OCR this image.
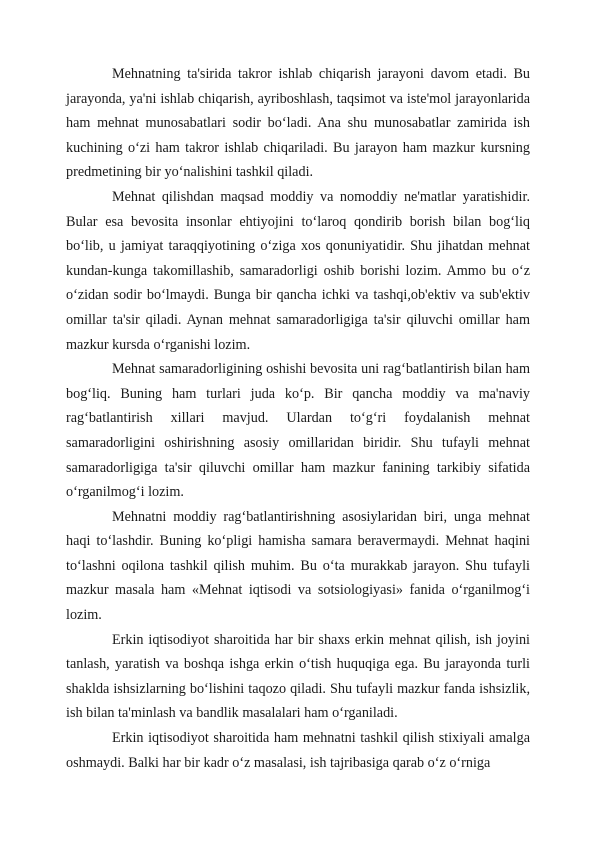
Mehnatning ta'sirida takror ishlab chiqarish jarayoni davom etadi. Bu jarayonda, ya'ni ishlab chiqarish, ayriboshlash, taqsimot va iste'mol jarayonlarida ham mehnat munosabatlari sodir bo‘ladi. Ana shu munosabatlar zamirida ish kuchining o‘zi ham takror ishlab chiqariladi. Bu jarayon ham mazkur kursning predmetining bir yo‘nalishini tashkil qiladi.

Mehnat qilishdan maqsad moddiy va nomoddiy ne'matlar yaratishidir. Bular esa bevosita insonlar ehtiyojini to‘laroq qondirib borish bilan bog‘liq bo‘lib, u jamiyat taraqqiyotining o‘ziga xos qonuniyatidir. Shu jihatdan mehnat kundan-kunga takomillashib, samaradorligi oshib borishi lozim. Ammo bu o‘z o‘zidan sodir bo‘lmaydi. Bunga bir qancha ichki va tashqi,ob'ektiv va sub'ektiv omillar ta'sir qiladi. Aynan mehnat samaradorligiga ta'sir qiluvchi omillar ham mazkur kursda o‘rganishi lozim.

Mehnat samaradorligining oshishi bevosita uni rag‘batlantirish bilan ham bog‘liq. Buning ham turlari juda ko‘p. Bir qancha moddiy va ma'naviy rag‘batlantirish xillari mavjud. Ulardan to‘g‘ri foydalanish mehnat samaradorligini oshirishning asosiy omillaridan biridir. Shu tufayli mehnat samaradorligiga ta'sir qiluvchi omillar ham mazkur fanining tarkibiy sifatida o‘rganilmog‘i lozim.

Mehnatni moddiy rag‘batlantirishning asosiylaridan biri, unga mehnat haqi to‘lashdir. Buning ko‘pligi hamisha samara beravermaydi. Mehnat haqini to‘lashni oqilona tashkil qilish muhim. Bu o‘ta murakkab jarayon. Shu tufayli mazkur masala ham «Mehnat iqtisodi va sotsiologiyasi» fanida o‘rganilmog‘i lozim.

Erkin iqtisodiyot sharoitida har bir shaxs erkin mehnat qilish, ish joyini tanlash, yaratish va boshqa ishga erkin o‘tish huquqiga ega. Bu jarayonda turli shaklda ishsizlarning bo‘lishini taqozo qiladi. Shu tufayli mazkur fanda ishsizlik, ish bilan ta'minlash va bandlik masalalari ham o‘rganiladi.

Erkin iqtisodiyot sharoitida ham mehnatni tashkil qilish stixiyali amalga oshmaydi. Balki har bir kadr o‘z masalasi, ish tajribasiga qarab o‘z o‘rniga
